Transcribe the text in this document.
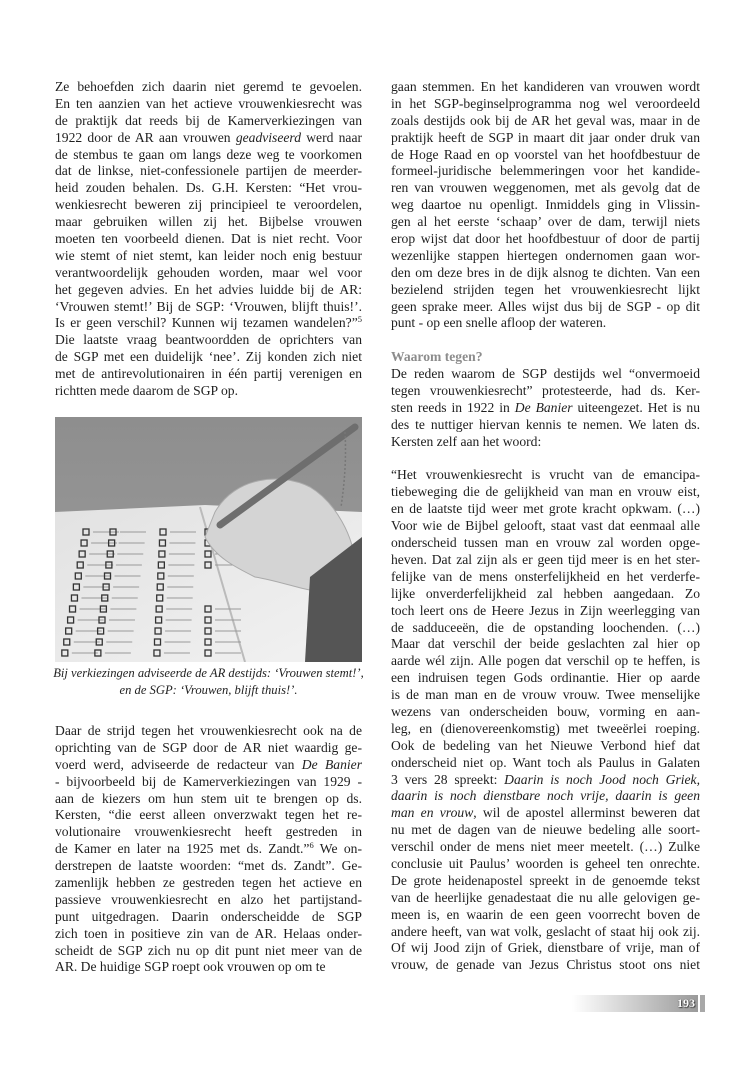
Ze behoefden zich daarin niet geremd te gevoelen.
En ten aanzien van het actieve vrouwenkiesrecht was
de praktijk dat reeds bij de Kamerverkiezingen van
1922 door de AR aan vrouwen geadviseerd werd naar
de stembus te gaan om langs deze weg te voorkomen
dat de linkse, niet-confessionele partijen de meerder-
heid zouden behalen. Ds. G.H. Kersten: “Het vrou-
wenkiesrecht beweren zij principieel te veroordelen,
maar gebruiken willen zij het. Bijbelse vrouwen
moeten ten voorbeeld dienen. Dat is niet recht. Voor
wie stemt of niet stemt, kan leider noch enig bestuur
verantwoordelijk gehouden worden, maar wel voor
het gegeven advies. En het advies luidde bij de AR:
‘Vrouwen stemt!’ Bij de SGP: ‘Vrouwen, blijft thuis!’.
Is er geen verschil? Kunnen wij tezamen wandelen?”$^5$
Die laatste vraag beantwoordden de oprichters van
de SGP met een duidelijk ‘nee’. Zij konden zich niet
met de antirevolutionairen in één partij verenigen en
richtten mede daarom de SGP op.
Bij verkiezingen adviseerde de AR destijds: ‘Vrouwen stemt!’,
en de SGP: ‘Vrouwen, blijft thuis!’.
Daar de strijd tegen het vrouwenkiesrecht ook na de
oprichting van de SGP door de AR niet waardig ge-
voerd werd, adviseerde de redacteur van De Banier
- bijvoorbeeld bij de Kamerverkiezingen van 1929 -
aan de kiezers om hun stem uit te brengen op ds.
Kersten, “die eerst alleen onverzwakt tegen het re-
volutionaire vrouwenkiesrecht heeft gestreden in
de Kamer en later na 1925 met ds. Zandt.”$^6$ We on-
derstrepen de laatste woorden: “met ds. Zandt”. Ge-
zamenlijk hebben ze gestreden tegen het actieve en
passieve vrouwenkiesrecht en alzo het partijstand-
punt uitgedragen. Daarin onderscheidde de SGP
zich toen in positieve zin van de AR. Helaas onder-
scheidt de SGP zich nu op dit punt niet meer van de
AR. De huidige SGP roept ook vrouwen op om te
gaan stemmen. En het kandideren van vrouwen wordt
in het SGP-beginselprogramma nog wel veroordeeld
zoals destijds ook bij de AR het geval was, maar in de
praktijk heeft de SGP in maart dit jaar onder druk van
de Hoge Raad en op voorstel van het hoofdbestuur de
formeel-juridische belemmeringen voor het kandide-
ren van vrouwen weggenomen, met als gevolg dat de
weg daartoe nu openligt. Inmiddels ging in Vlissin-
gen al het eerste ‘schaap’ over de dam, terwijl niets
erop wijst dat door het hoofdbestuur of door de partij
wezenlijke stappen hiertegen ondernomen gaan wor-
den om deze bres in de dijk alsnog te dichten. Van een
bezielend strijden tegen het vrouwenkiesrecht lijkt
geen sprake meer. Alles wijst dus bij de SGP - op dit
punt - op een snelle afloop der wateren.
Waarom tegen?
De reden waarom de SGP destijds wel “onvermoeid
tegen vrouwenkiesrecht” protesteerde, had ds. Ker-
sten reeds in 1922 in De Banier uiteengezet. Het is nu
des te nuttiger hiervan kennis te nemen. We laten ds.
Kersten zelf aan het woord:
“Het vrouwenkiesrecht is vrucht van de emancipa-
tiebeweging die de gelijkheid van man en vrouw eist,
en de laatste tijd weer met grote kracht opkwam. (…)
Voor wie de Bijbel gelooft, staat vast dat eenmaal alle
onderscheid tussen man en vrouw zal worden opge-
heven. Dat zal zijn als er geen tijd meer is en het ster-
felijke van de mens onsterfelijkheid en het verderfe-
lijke onverderfelijkheid zal hebben aangedaan. Zo
toch leert ons de Heere Jezus in Zijn weerlegging van
de sadduceeën, die de opstanding loochenden. (…)
Maar dat verschil der beide geslachten zal hier op
aarde wél zijn. Alle pogen dat verschil op te heffen, is
een indruisen tegen Gods ordinantie. Hier op aarde
is de man man en de vrouw vrouw. Twee menselijke
wezens van onderscheiden bouw, vorming en aan-
leg, en (dienovereenkomstig) met tweeërlei roeping.
Ook de bedeling van het Nieuwe Verbond hief dat
onderscheid niet op. Want toch als Paulus in Galaten
3 vers 28 spreekt: Daarin is noch Jood noch Griek,
daarin is noch dienstbare noch vrije, daarin is geen
man en vrouw, wil de apostel allerminst beweren dat
nu met de dagen van de nieuwe bedeling alle soort-
verschil onder de mens niet meer meetelt. (…) Zulke
conclusie uit Paulus’ woorden is geheel ten onrechte.
De grote heidenapostel spreekt in de genoemde tekst
van de heerlijke genadestaat die nu alle gelovigen ge-
meen is, en waarin de een geen voorrecht boven de
andere heeft, van wat volk, geslacht of staat hij ook zij.
Of wij Jood zijn of Griek, dienstbare of vrije, man of
vrouw, de genade van Jezus Christus stoot ons niet
193
